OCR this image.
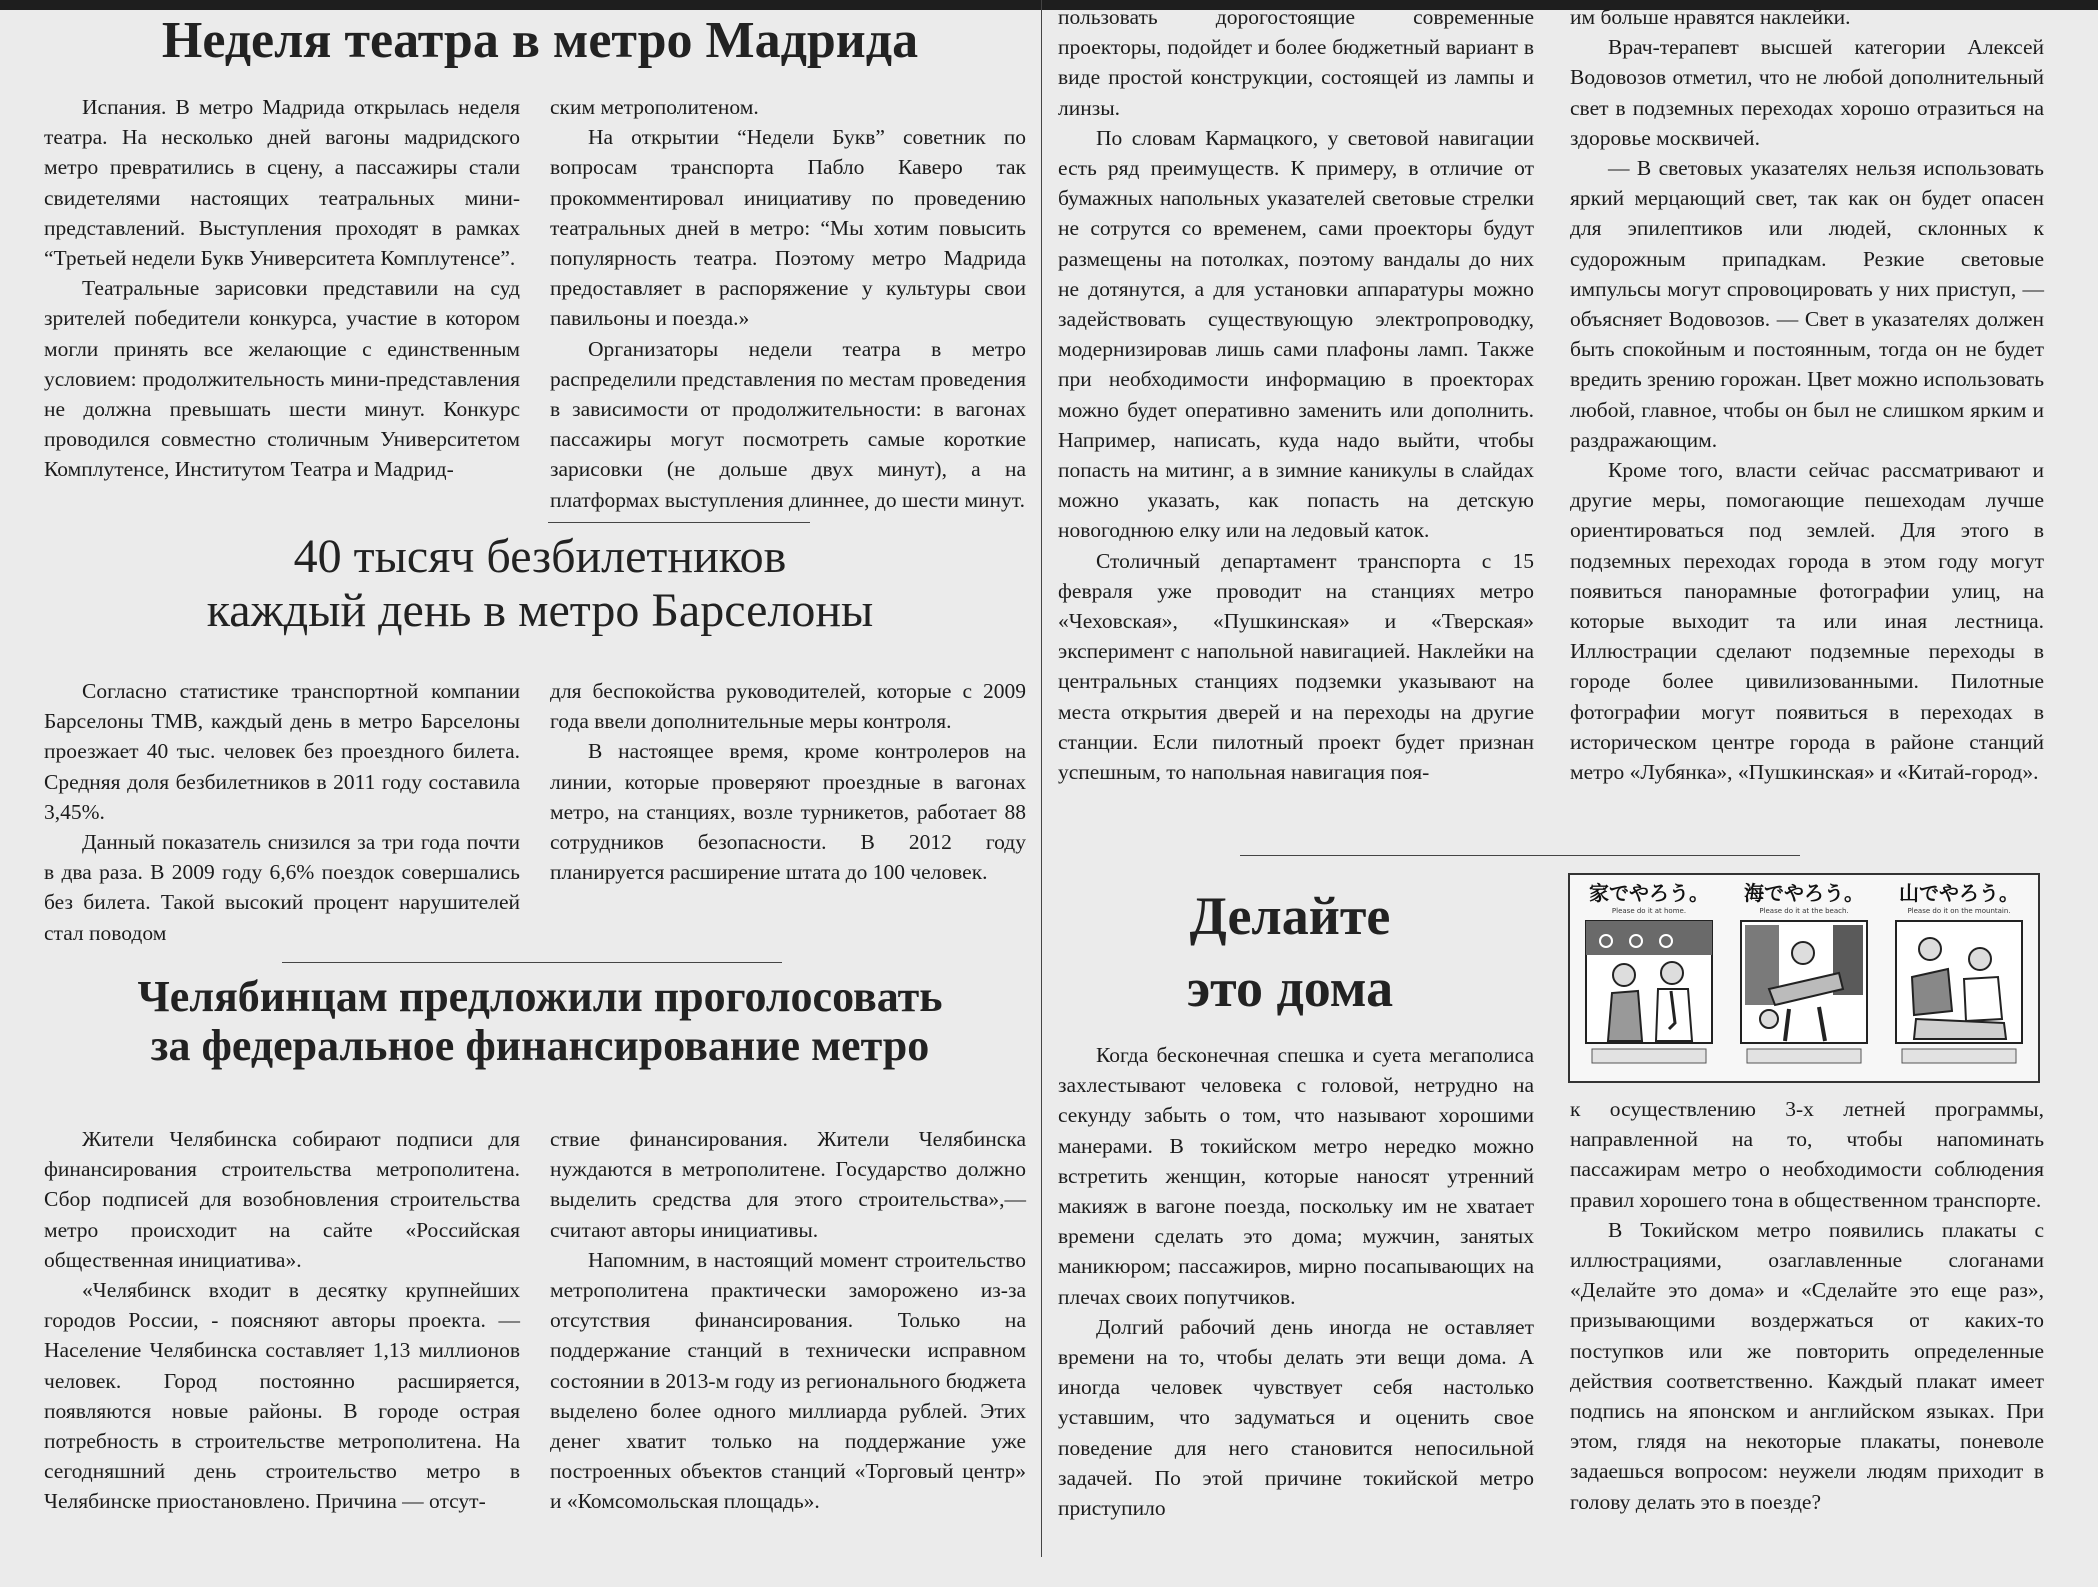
Неделя театра в метро Мадрида

Испания. В метро Мадрида открылась неделя театра. На несколько дней вагоны мадридского метро превратились в сцену, а пассажиры стали свидетелями настоящих театральных мини-представлений. Выступления проходят в рамках “Третьей недели Букв Университета Комплутенсе”.

Театральные зарисовки представили на суд зрителей победители конкурса, участие в котором могли принять все желающие с единственным условием: продолжительность мини-представления не должна превышать шести минут. Конкурс проводился совместно столичным Университетом Комплутенсе, Институтом Театра и Мадрид-

ским метрополитеном.

На открытии “Недели Букв” советник по вопросам транспорта Пабло Каверо так прокомментировал инициативу по проведению театральных дней в метро: “Мы хотим повысить популярность театра. Поэтому метро Мадрида предоставляет в распоряжение у культуры свои павильоны и поезда.»

Организаторы недели театра в метро распределили представления по местам проведения в зависимости от продолжительности: в вагонах пассажиры могут посмотреть самые короткие зарисовки (не дольше двух минут), а на платформах выступления длиннее, до шести минут.

40 тысяч безбилетников
каждый день в метро Барселоны

Согласно статистике транспортной компании Барселоны ТМВ, каждый день в метро Барселоны проезжает 40 тыс. человек без проездного билета. Средняя доля безбилетников в 2011 году составила 3,45%.

Данный показатель снизился за три года почти в два раза. В 2009 году 6,6% поездок совершались без билета. Такой высокий процент нарушителей стал поводом

для беспокойства руководителей, которые с 2009 года ввели дополнительные меры контроля.

В настоящее время, кроме контролеров на линии, которые проверяют проездные в вагонах метро, на станциях, возле турникетов, работает 88 сотрудников безопасности. В 2012 году планируется расширение штата до 100 человек.

Челябинцам предложили проголосовать
за федеральное финансирование метро

Жители Челябинска собирают подписи для финансирования строительства метрополитена. Сбор подписей для возобновления строительства метро происходит на сайте «Российская общественная инициатива».

«Челябинск входит в десятку крупнейших городов России, - поясняют авторы проекта. — Население Челябинска составляет 1,13 миллионов человек. Город постоянно расширяется, появляются новые районы. В городе острая потребность в строительстве метрополитена. На сегодняшний день строительство метро в Челябинске приостановлено. Причина — отсут-

ствие финансирования. Жители Челябинска нуждаются в метрополитене. Государство должно выделить средства для этого строительства»,—считают авторы инициативы.

Напомним, в настоящий момент строительство метрополитена практически заморожено из-за отсутствия финансирования. Только на поддержание станций в технически исправном состоянии в 2013-м году из регионального бюджета выделено более одного миллиарда рублей. Этих денег хватит только на поддержание уже построенных объектов станций «Торговый центр» и «Комсомольская площадь».

пользовать дорогостоящие современные проекторы, подойдет и более бюджетный вариант в виде простой конструкции, состоящей из лампы и линзы.

По словам Кармацкого, у световой навигации есть ряд преимуществ. К примеру, в отличие от бумажных напольных указателей световые стрелки не сотрутся со временем, сами проекторы будут размещены на потолках, поэтому вандалы до них не дотянутся, а для установки аппаратуры можно задействовать существующую электропроводку, модернизировав лишь сами плафоны ламп. Также при необходимости информацию в проекторах можно будет оперативно заменить или дополнить. Например, написать, куда надо выйти, чтобы попасть на митинг, а в зимние каникулы в слайдах можно указать, как попасть на детскую новогоднюю елку или на ледовый каток.

Столичный департамент транспорта с 15 февраля уже проводит на станциях метро «Чеховская», «Пушкинская» и «Тверская» эксперимент с напольной навигацией. Наклейки на центральных станциях подземки указывают на места открытия дверей и на переходы на другие станции. Если пилотный проект будет признан успешным, то напольная навигация поя-

им больше нравятся наклейки.

Врач-терапевт высшей категории Алексей Водовозов отметил, что не любой дополнительный свет в подземных переходах хорошо отразиться на здоровье москвичей.

— В световых указателях нельзя использовать яркий мерцающий свет, так как он будет опасен для эпилептиков или людей, склонных к судорожным припадкам. Резкие световые импульсы могут спровоцировать у них приступ, — объясняет Водовозов. — Свет в указателях должен быть спокойным и постоянным, тогда он не будет вредить зрению горожан. Цвет можно использовать любой, главное, чтобы он был не слишком ярким и раздражающим.

Кроме того, власти сейчас рассматривают и другие меры, помогающие пешеходам лучше ориентироваться под землей. Для этого в подземных переходах города в этом году могут появиться панорамные фотографии улиц, на которые выходит та или иная лестница. Иллюстрации сделают подземные переходы в городе более цивилизованными. Пилотные фотографии могут появиться в переходах в историческом центре города в районе станций метро «Лубянка», «Пушкинская» и «Китай-город».

Делайте
это дома
家でやろう。
Please do it at home.
海でやろう。
Please do it at the beach.
山でやろう。
Please do it on the mountain.

Когда бесконечная спешка и суета мегаполиса захлестывают человека с головой, нетрудно на секунду забыть о том, что называют хорошими манерами. В токийском метро нередко можно встретить женщин, которые наносят утренний макияж в вагоне поезда, поскольку им не хватает времени сделать это дома; мужчин, занятых маникюром; пассажиров, мирно посапывающих на плечах своих попутчиков.

Долгий рабочий день иногда не оставляет времени на то, чтобы делать эти вещи дома. А иногда человек чувствует себя настолько уставшим, что задуматься и оценить свое поведение для него становится непосильной задачей. По этой причине токийской метро приступило

к осуществлению 3-х летней программы, направленной на то, чтобы напоминать пассажирам метро о необходимости соблюдения правил хорошего тона в общественном транспорте.

В Токийском метро появились плакаты с иллюстрациями, озаглавленные слоганами «Делайте это дома» и «Сделайте это еще раз», призывающими воздержаться от каких-то поступков или же повторить определенные действия соответственно. Каждый плакат имеет подпись на японском и английском языках. При этом, глядя на некоторые плакаты, поневоле задаешься вопросом: неужели людям приходит в голову делать это в поезде?
